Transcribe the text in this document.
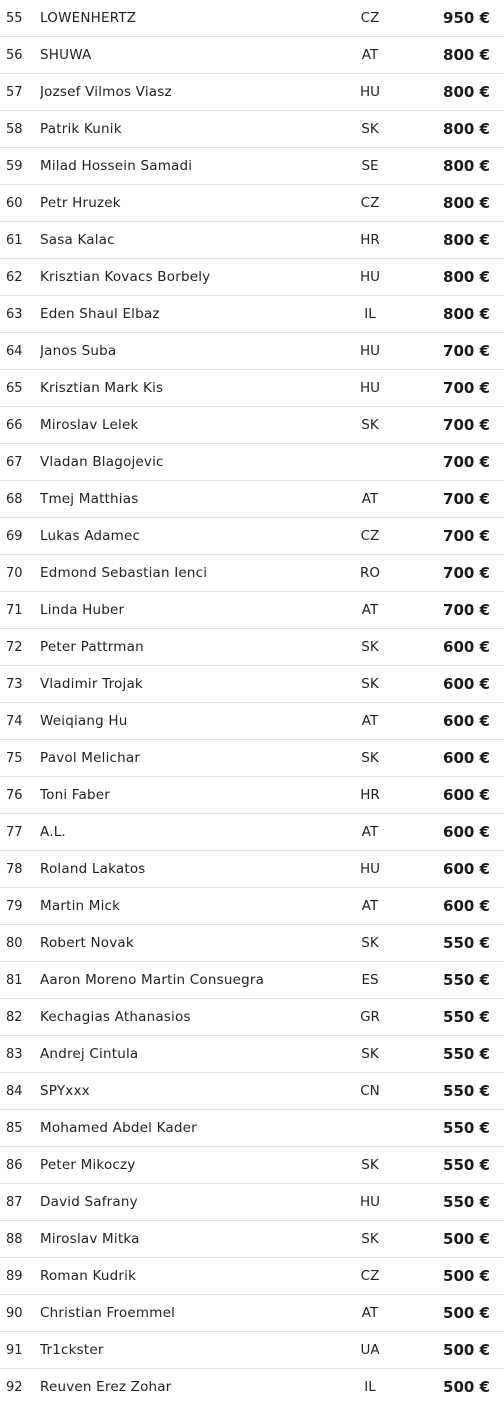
55	LOWENHERTZ	CZ	950 €
56	SHUWA	AT	800 €
57	Jozsef Vilmos Viasz	HU	800 €
58	Patrik Kunik	SK	800 €
59	Milad Hossein Samadi	SE	800 €
60	Petr Hruzek	CZ	800 €
61	Sasa Kalac	HR	800 €
62	Krisztian Kovacs Borbely	HU	800 €
63	Eden Shaul Elbaz	IL	800 €
64	Janos Suba	HU	700 €
65	Krisztian Mark Kis	HU	700 €
66	Miroslav Lelek	SK	700 €
67	Vladan Blagojevic		700 €
68	Tmej Matthias	AT	700 €
69	Lukas Adamec	CZ	700 €
70	Edmond Sebastian Ienci	RO	700 €
71	Linda Huber	AT	700 €
72	Peter Pattrman	SK	600 €
73	Vladimir Trojak	SK	600 €
74	Weiqiang Hu	AT	600 €
75	Pavol Melichar	SK	600 €
76	Toni Faber	HR	600 €
77	A.L.	AT	600 €
78	Roland Lakatos	HU	600 €
79	Martin Mick	AT	600 €
80	Robert Novak	SK	550 €
81	Aaron Moreno Martin Consuegra	ES	550 €
82	Kechagias Athanasios	GR	550 €
83	Andrej Cintula	SK	550 €
84	SPYxxx	CN	550 €
85	Mohamed Abdel Kader		550 €
86	Peter Mikoczy	SK	550 €
87	David Safrany	HU	550 €
88	Miroslav Mitka	SK	500 €
89	Roman Kudrik	CZ	500 €
90	Christian Froemmel	AT	500 €
91	Tr1ckster	UA	500 €
92	Reuven Erez Zohar	IL	500 €
